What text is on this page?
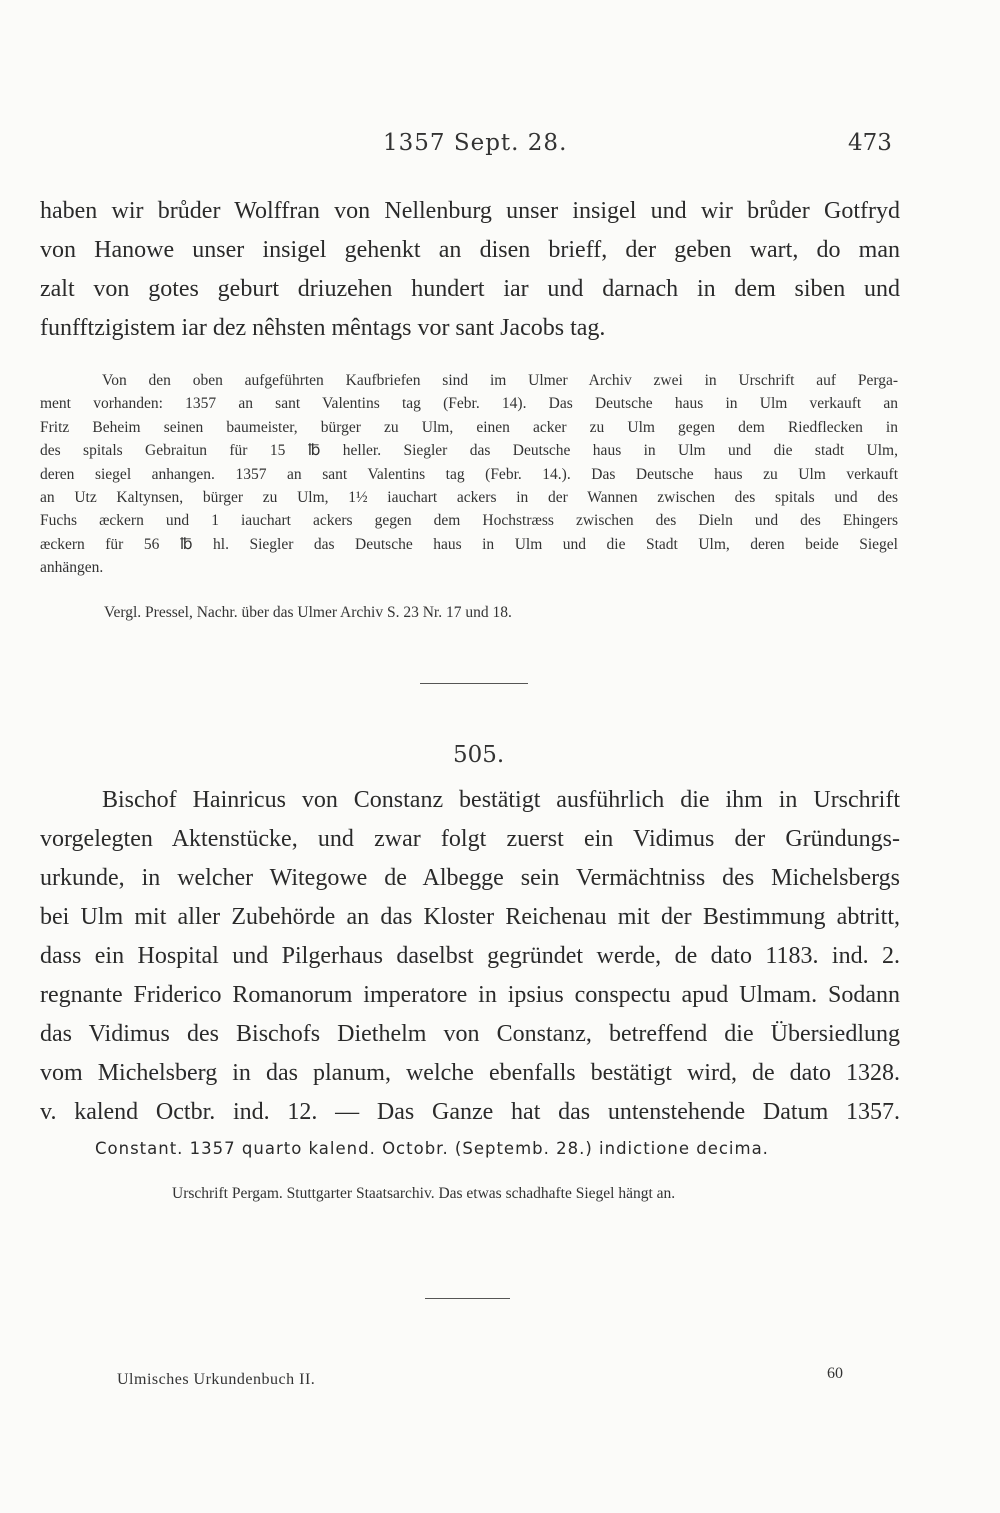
1357 Sept. 28.	473
haben wir brůder Wolffran von Nellenburg unser insigel und wir brůder Gotfryd
von Hanowe unser insigel gehenkt an disen brieff, der geben wart, do man
zalt von gotes geburt driuzehen hundert iar und darnach in dem siben und
funfftzigistem iar dez nêhsten mêntags vor sant Jacobs tag.
Von den oben aufgeführten Kaufbriefen sind im Ulmer Archiv zwei in Urschrift auf Perga-
ment vorhanden: 1357 an sant Valentins tag (Febr. 14). Das Deutsche haus in Ulm verkauft an
Fritz Beheim seinen baumeister, bürger zu Ulm, einen acker zu Ulm gegen dem Riedflecken in
des spitals Gebraitun für 15 ℔ heller. Siegler das Deutsche haus in Ulm und die stadt Ulm,
deren siegel anhangen. 1357 an sant Valentins tag (Febr. 14.). Das Deutsche haus zu Ulm verkauft
an Utz Kaltynsen, bürger zu Ulm, 1½ iauchart ackers in der Wannen zwischen des spitals und des
Fuchs æckern und 1 iauchart ackers gegen dem Hochstræss zwischen des Dieln und des Ehingers
æckern für 56 ℔ hl. Siegler das Deutsche haus in Ulm und die Stadt Ulm, deren beide Siegel
anhängen.
Vergl. Pressel, Nachr. über das Ulmer Archiv S. 23 Nr. 17 und 18.
505.
Bischof Hainricus von Constanz bestätigt ausführlich die ihm in Urschrift
vorgelegten Aktenstücke, und zwar folgt zuerst ein Vidimus der Gründungs-
urkunde, in welcher Witegowe de Albegge sein Vermächtniss des Michelsbergs
bei Ulm mit aller Zubehörde an das Kloster Reichenau mit der Bestimmung abtritt,
dass ein Hospital und Pilgerhaus daselbst gegründet werde, de dato 1183. ind. 2.
regnante Friderico Romanorum imperatore in ipsius conspectu apud Ulmam. Sodann
das Vidimus des Bischofs Diethelm von Constanz, betreffend die Übersiedlung
vom Michelsberg in das planum, welche ebenfalls bestätigt wird, de dato 1328.
v. kalend Octbr. ind. 12. — Das Ganze hat das untenstehende Datum 1357.
Constant. 1357 quarto kalend. Octobr. (Septemb. 28.) indictione decima.
Urschrift Pergam. Stuttgarter Staatsarchiv. Das etwas schadhafte Siegel hängt an.
Ulmisches Urkundenbuch II.	60
